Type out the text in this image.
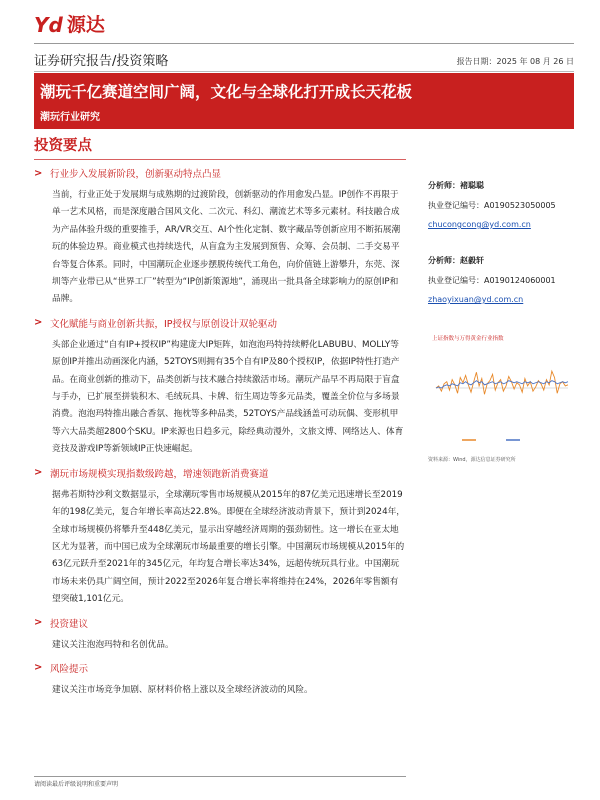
Yd 源达
证券研究报告/投资策略	报告日期：2025 年 08 月 26 日
潮玩千亿赛道空间广阔，文化与全球化打开成长天花板
潮玩行业研究
投资要点
> 行业步入发展新阶段，创新驱动特点凸显

当前，行业正处于发展期与成熟期的过渡阶段，创新驱动的作用愈发凸显。IP创作不再限于单一艺术风格，而是深度融合国风文化、二次元、科幻、潮流艺术等多元素材。科技融合成为产品体验升级的重要推手，AR/VR交互、AI个性化定制、数字藏品等创新应用不断拓展潮玩的体验边界。商业模式也持续迭代，从盲盒为主发展到预售、众筹、会员制、二手交易平台等复合体系。同时，中国潮玩企业逐步摆脱传统代工角色，向价值链上游攀升，东莞、深圳等产业带已从“世界工厂”转型为“IP创新策源地”，涌现出一批具备全球影响力的原创IP和品牌。

> 文化赋能与商业创新共振，IP授权与原创设计双轮驱动

头部企业通过“自有IP+授权IP”构建庞大IP矩阵，如泡泡玛特持续孵化LABUBU、MOLLY等原创IP并推出动画深化内涵，52TOYS则拥有35个自有IP及80个授权IP，依据IP特性打造产品。在商业创新的推动下，品类创新与技术融合持续激活市场。潮玩产品早不再局限于盲盒与手办，已扩展至拼装积木、毛绒玩具、卡牌、衍生周边等多元品类，覆盖全价位与多场景消费。泡泡玛特推出融合香氛、拖枕等多种品类，52TOYS产品线涵盖可动玩偶、变形机甲等六大品类超2800个SKU。IP来源也日趋多元，除经典动漫外，文旅文博、网络达人、体育竞技及游戏IP等新领域IP正快速崛起。

> 潮玩市场规模实现指数级跨越，增速领跑新消费赛道

据弗若斯特沙利文数据显示，全球潮玩零售市场规模从2015年的87亿美元迅速增长至2019年的198亿美元，复合年增长率高达22.8%。即便在全球经济波动背景下，预计到2024年，全球市场规模仍将攀升至448亿美元，显示出穿越经济周期的强劲韧性。这一增长在亚太地区尤为显著，而中国已成为全球潮玩市场最重要的增长引擎。中国潮玩市场规模从2015年的63亿元跃升至2021年的345亿元，年均复合增长率达34%，远超传统玩具行业。中国潮玩市场未来仍具广阔空间，预计2022至2026年复合增长率将维持在24%，2026年零售额有望突破1,101亿元。

> 投资建议

建议关注泡泡玛特和名创优品。

> 风险提示

建议关注市场竞争加剧、原材料价格上涨以及全球经济波动的风险。

分析师：褚聪聪
执业登记编号：A0190523050005
chucongcong@yd.com.cn
分析师：赵毅轩
执业登记编号：A0190124060001
zhaoyixuan@yd.com.cn
上证指数与万得黄金行业指数
资料来源：Wind，源达信息证券研究所
请阅读最后评级说明和重要声明
